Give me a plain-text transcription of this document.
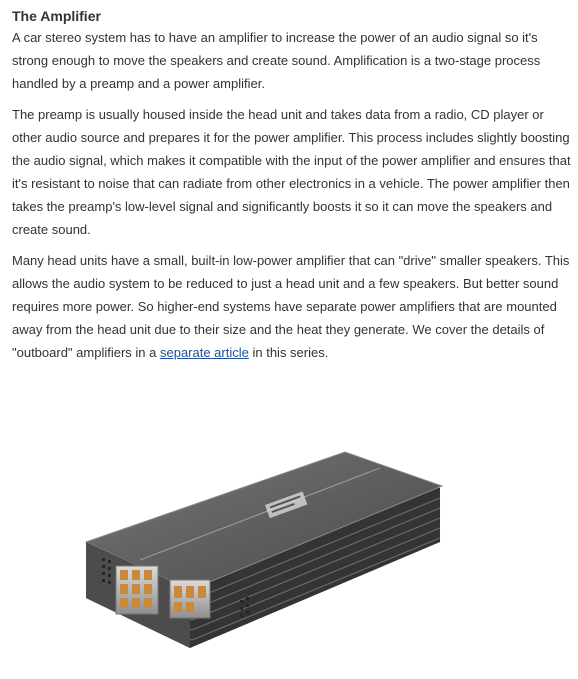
The Amplifier

A car stereo system has to have an amplifier to increase the power of an audio signal so it's strong enough to move the speakers and create sound. Amplification is a two-stage process handled by a preamp and a power amplifier.

The preamp is usually housed inside the head unit and takes data from a radio, CD player or other audio source and prepares it for the power amplifier. This process includes slightly boosting the audio signal, which makes it compatible with the input of the power amplifier and ensures that it's resistant to noise that can radiate from other electronics in a vehicle. The power amplifier then takes the preamp's low-level signal and significantly boosts it so it can move the speakers and create sound.

Many head units have a small, built-in low-power amplifier that can "drive" smaller speakers. This allows the audio system to be reduced to just a head unit and a few speakers. But better sound requires more power. So higher-end systems have separate power amplifiers that are mounted away from the head unit due to their size and the heat they generate. We cover the details of "outboard" amplifiers in a separate article in this series.
